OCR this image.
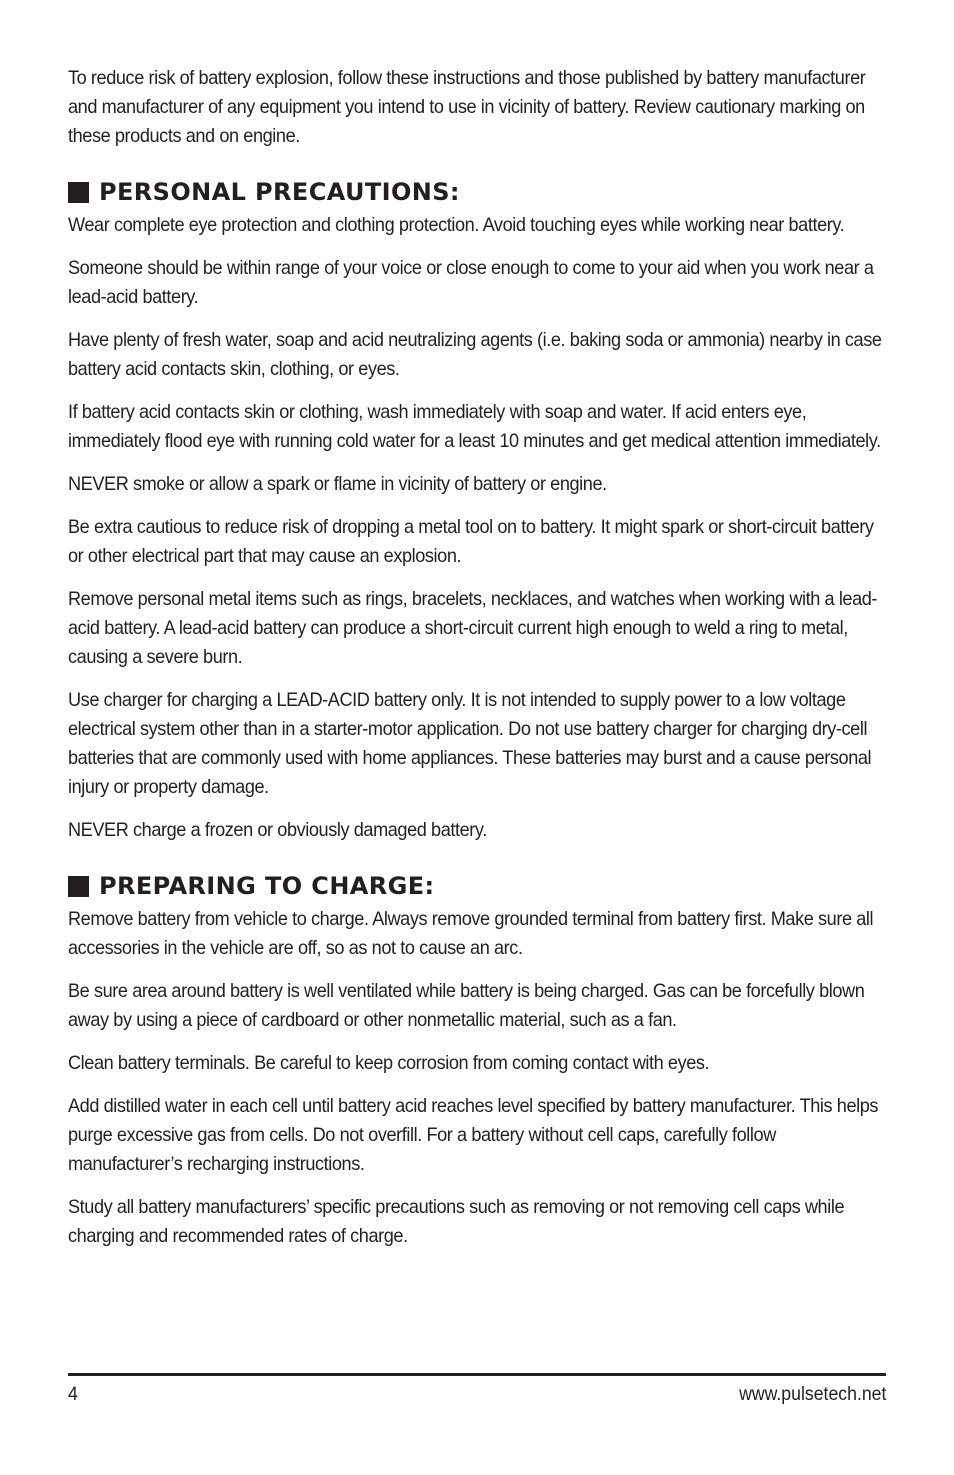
To reduce risk of battery explosion, follow these instructions and those published by battery manufacturer and manufacturer of any equipment you intend to use in vicinity of battery. Review cautionary marking on these products and on engine.

PERSONAL PRECAUTIONS:

Wear complete eye protection and clothing protection. Avoid touching eyes while working near battery.

Someone should be within range of your voice or close enough to come to your aid when you work near a lead-acid battery.

Have plenty of fresh water, soap and acid neutralizing agents (i.e. baking soda or ammonia) nearby in case battery acid contacts skin, clothing, or eyes.

If battery acid contacts skin or clothing, wash immediately with soap and water. If acid enters eye, immediately flood eye with running cold water for a least 10 minutes and get medical attention immediately.

NEVER smoke or allow a spark or flame in vicinity of battery or engine.

Be extra cautious to reduce risk of dropping a metal tool on to battery. It might spark or short-circuit battery or other electrical part that may cause an explosion.

Remove personal metal items such as rings, bracelets, necklaces, and watches when working with a lead-acid battery. A lead-acid battery can produce a short-circuit current high enough to weld a ring to metal, causing a severe burn.

Use charger for charging a LEAD-ACID battery only. It is not intended to supply power to a low voltage electrical system other than in a starter-motor application. Do not use battery charger for charging dry-cell batteries that are commonly used with home appliances. These batteries may burst and a cause personal injury or property damage.

NEVER charge a frozen or obviously damaged battery.

PREPARING TO CHARGE:

Remove battery from vehicle to charge. Always remove grounded terminal from battery first. Make sure all accessories in the vehicle are off, so as not to cause an arc.

Be sure area around battery is well ventilated while battery is being charged. Gas can be forcefully blown away by using a piece of cardboard or other nonmetallic material, such as a fan.

Clean battery terminals. Be careful to keep corrosion from coming contact with eyes.

Add distilled water in each cell until battery acid reaches level specified by battery manufacturer. This helps purge excessive gas from cells. Do not overfill. For a battery without cell caps, carefully follow manufacturer’s recharging instructions.

Study all battery manufacturers’ specific precautions such as removing or not removing cell caps while charging and recommended rates of charge.

4	www.pulsetech.net
